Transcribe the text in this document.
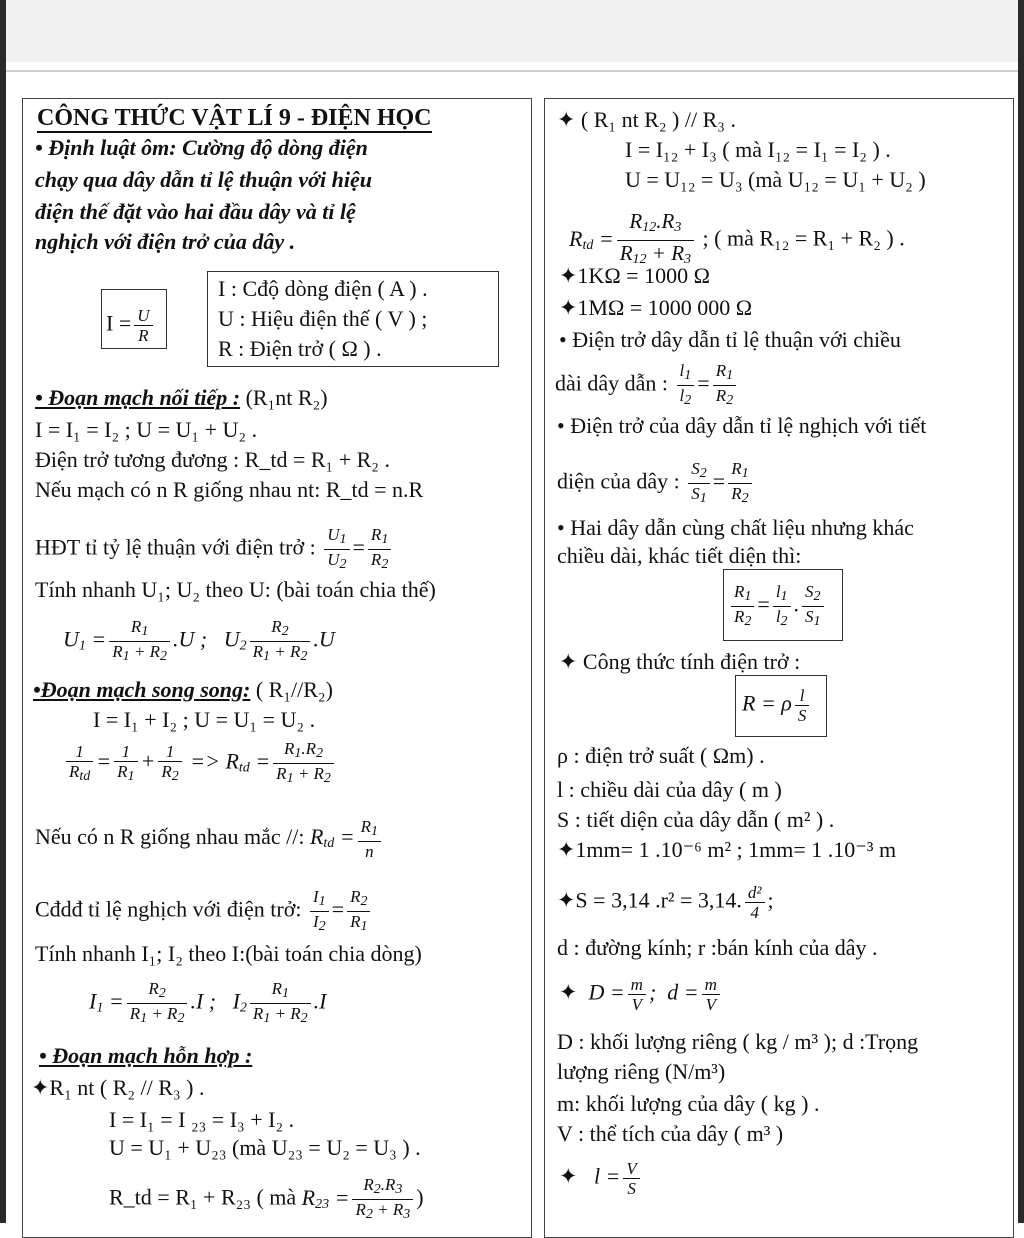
CÔNG THỨC VẬT LÍ 9 - ĐIỆN HỌC
• Định luật ôm: Cường độ dòng điện
chạy qua dây dẫn tỉ lệ thuận với hiệu
điện thế đặt vào hai đầu dây và tỉ lệ
nghịch với điện trở của dây .
$I = \frac{U}{R}$
I : Cđộ dòng điện ( A ) .
U : Hiệu điện thế ( V ) ;
R : Điện trở ( Ω ) .
• Đoạn mạch nối tiếp : (R₁nt R₂)
I = I₁ = I₂ ; U = U₁ + U₂ .
Điện trở tương đương : R_td = R₁ + R₂ .
Nếu mạch có n R giống nhau nt: R_td = n.R
HĐT tỉ tỷ lệ thuận với điện trở : $\frac{U_1}{U_2} = \frac{R_1}{R_2}$
Tính nhanh U₁; U₂ theo U: (bài toán chia thế)
$U_1 = \frac{R_1}{R_1 + R_2} .U$ ;   $U_2 \frac{R_2}{R_1 + R_2} .U$
•Đoạn mạch song song: ( R₁//R₂)
I = I₁ + I₂ ; U = U₁ = U₂ .
1
$R_{td}$
= $\frac{1}{R_1} + \frac{1}{R_2} => R_{td} = \frac{R_1.R_2}{R_1 + R_2}$
Nếu có n R giống nhau mắc //: $R_{td} = \frac{R_1}{n}$
Cđdđ tỉ lệ nghịch với điện trở: $\frac{I_1}{I_2} = \frac{R_2}{R_1}$
Tính nhanh I₁; I₂ theo I:(bài toán chia dòng)
$I_1 = \frac{R_2}{R_1 + R_2} .I$ ;   $I_2 \frac{R_1}{R_1 + R_2} .I$
• Đoạn mạch hỗn hợp :
✦R₁ nt ( R₂ // R₃ ) .
I = I₁ = I ₂₃ = I₃ + I₂ .
U = U₁ + U₂₃ (mà U₂₃ = U₂ = U₃ ) .
R_td = R₁ + R₂₃ ( mà $R_{23} = \frac{R_2.R_3}{R_2 + R_3}$ )
✦ ( R₁ nt R₂ ) // R₃ .
I = I₁₂ + I₃ ( mà I₁₂ = I₁ = I₂ ) .
U = U₁₂ = U₃ (mà U₁₂ = U₁ + U₂ )
$R_{td} = \frac{R_{12}.R_3}{R_{12} + R_3}$ ; ( mà R₁₂ = R₁ + R₂ ) .
✦1KΩ = 1000 Ω
✦1MΩ = 1000 000 Ω
• Điện trở dây dẫn tỉ lệ thuận với chiều
dài dây dẫn : $\frac{l_1}{l_2} = \frac{R_1}{R_2}$
• Điện trở của dây dẫn tỉ lệ nghịch với tiết
diện của dây : $\frac{S_2}{S_1} = \frac{R_1}{R_2}$
• Hai dây dẫn cùng chất liệu nhưng khác
chiều dài, khác tiết diện thì:
$\frac{R_1}{R_2} = \frac{l_1}{l_2}$ . $\frac{S_2}{S_1}$
✦ Công thức tính điện trở :
R = ρ $\frac{l}{S}$
ρ : điện trở suất ( Ωm) .
l : chiều dài của dây ( m )
S : tiết diện của dây dẫn ( m² ) .
✦1mm= 1 .10⁻⁶ m² ; 1mm= 1 .10⁻³ m
✦S = 3,14 .r² = 3,14. $\frac{\text{d²}}{4}$ ;
d : đường kính; r :bán kính của dây .
✦  $D = \frac{m}{V}$ ;  $d = \frac{m}{V}$
D : khối lượng riêng ( kg / m³ ); d :Trọng
lượng riêng (N/m³)
m: khối lượng của dây ( kg ) .
V : thể tích của dây ( m³ )
✦   $l = \frac{V}{S}$
